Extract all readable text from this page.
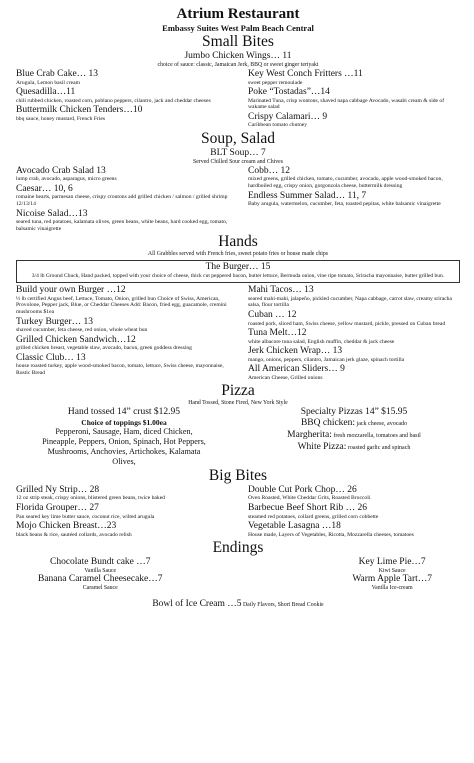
Atrium Restaurant
Embassy Suites West Palm Beach Central
Small Bites
Jumbo Chicken Wings… 11
choice of sauce: classic, Jamaican Jerk, BBQ or sweet ginger teriyaki
Blue Crab Cake… 13
Arugula, Lemon basil cream
Quesadilla…11
chili rubbed chicken, roasted corn, poblano peppers, cilantro, jack and cheddar cheeses
Buttermilk Chicken Tenders…10
bbq sauce, honey mustard, French Fries
Key West Conch Fritters …11
sweet pepper remoulade
Poke “Tostadas”…14
Marinated Tuna, crisp wontons, shaved napa cabbage Avocado, wasabi cream & side of wakame salad
Crispy Calamari… 9
Caribbean tomato chutney
Soup, Salad
BLT Soup… 7
Served Chilled Sour cream and Chives
Avocado Crab Salad 13
lump crab, avocado, asparagus, micro greens
Caesar… 10, 6
romaine hearts, parmesan cheese, crispy croutons add grilled chicken / salmon / grilled shrimp 12/13/14
Nicoise Salad…13
seared tuna, red potatoes, kalamata olives, green beans, white beans, hard cooked egg, tomato, balsamic vinaigrette
Cobb… 12
mixed greens, grilled chicken, tomato, cucumber, avocado, apple wood-smoked bacon, hardboiled egg, crispy onion, gorgonzola cheese, buttermilk dressing
Endless Summer Salad… 11, 7
Baby arugula, watermelon, cucumber, feta, toasted pepitas, white balsamic vinaigrette
Hands
All Grabbles served with French fries, sweet potato fries or house made chips
The Burger… 15
3/4 lb Ground Chuck, Hand packed, topped with your choice of cheese, thick cut peppered bacon, butter lettuce, Bermuda onion, vine ripe tomato, Sriracha mayonnaise, butter grilled bun.
Build your own Burger …12
½ lb certified Angus beef, Lettuce, Tomato, Onion, grilled bun Choice of Swiss, American, Provolone, Pepper jack, Blue, or Cheddar Cheeses Add: Bacon, fried egg, guacamole, cremini mushrooms $1ea
Turkey Burger… 13
shaved cucumber, feta cheese, red onion, whole wheat bun
Grilled Chicken Sandwich…12
grilled chicken breast, vegetable slaw, avocado, bacon, green goddess dressing
Classic Club… 13
house roasted turkey, apple wood-smoked bacon, tomato, lettuce, Swiss cheese, mayonnaise, Rustic Bread
Mahi Tacos… 13
seared mahi-mahi, jalapeño, pickled cucumber, Napa cabbage, carrot slaw, creamy sriracha salsa, flour tortilla
Cuban … 12
roasted pork, sliced ham, Swiss cheese, yellow mustard, pickle, pressed on Cuban bread
Tuna Melt…12
white albacore tuna salad, English muffin, cheddar & jack cheese
Jerk Chicken Wrap… 13
mango, onions, peppers, cilantro, Jamaican jerk glaze, spinach tortilla
All American Sliders… 9
American Cheese, Grilled onions
Pizza
Hand Tossed, Stone Fired, New York Style
Hand tossed 14” crust $12.95
Choice of toppings $1.00ea
Pepperoni, Sausage, Ham, diced Chicken,
Pineapple, Peppers, Onion, Spinach, Hot Peppers,
Mushrooms, Anchovies, Artichokes, Kalamata
Olives,
Specialty Pizzas 14” $15.95
BBQ chicken: jack cheese, avocado
Margherita: fresh mozzarella, tomatoes and basil
White Pizza: roasted garlic and spinach
Big Bites
Grilled Ny Strip… 28
12 oz strip steak, crispy onions, blistered green beans, twice baked
Florida Grouper… 27
Pan seared key lime butter sauce, coconut rice, wilted arugula
Mojo Chicken Breast…23
black beans & rice, sautéed collards, avocado relish
Double Cut Pork Chop… 26
Oven Roasted, White Cheddar Grits, Roasted Broccoli
Barbecue Beef Short Rib … 26
steamed red potatoes, collard greens, grilled corn cobbette
Vegetable Lasagna …18
House made, Layers of Vegetables, Ricotta, Mozzarella cheeses, tomatoes
Endings
Chocolate Bundt cake …7
Vanilla Sauce
Banana Caramel Cheesecake…7
Caramel Sauce
Key Lime Pie…7
Kiwi Sauce
Warm Apple Tart…7
Vanilla Ice-cream
Bowl of Ice Cream …5 Daily Flavors, Short Bread Cookie
